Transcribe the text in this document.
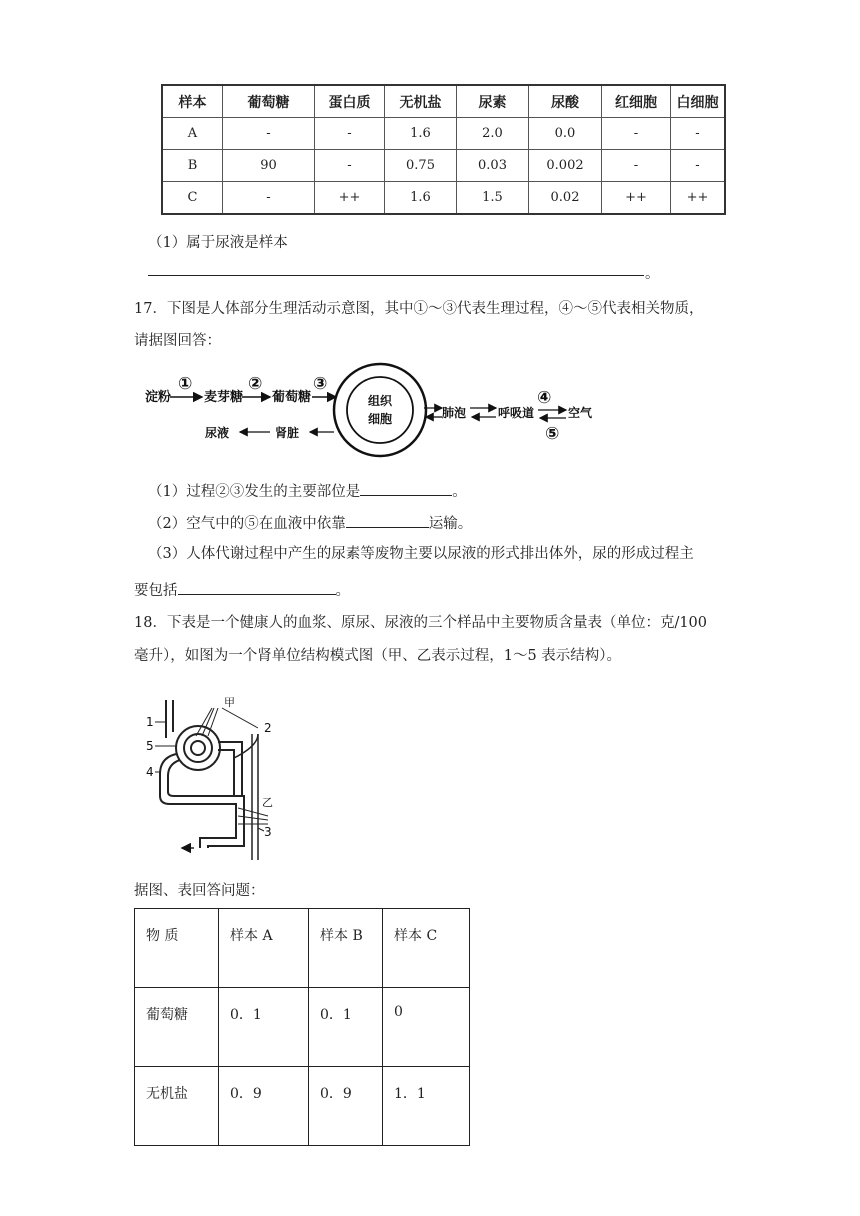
样本	葡萄糖	蛋白质	无机盐	尿素	尿酸	红细胞	白细胞
A	-	-	1.6	2.0	0.0	-	-
B	90	-	0.75	0.03	0.002	-	-
C	-	++	1.6	1.5	0.02	++	++
（1）属于尿液是样本
。
17．下图是人体部分生理活动示意图，其中①～③代表生理过程，④～⑤代表相关物质，
请据图回答：
淀粉
①
麦芽糖
②
葡萄糖
③
组织
细胞	肺泡	呼吸道
④
空气
⑤
肾脏
尿液
（1）过程②③发生的主要部位是	。
（2）空气中的⑤在血液中依靠	运输。
（3）人体代谢过程中产生的尿素等废物主要以尿液的形式排出体外，尿的形成过程主
要包括	。
18．下表是一个健康人的血浆、原尿、尿液的三个样品中主要物质含量表（单位：克/100
毫升），如图为一个肾单位结构模式图（甲、乙表示过程，1～5 表示结构）。
1
5
4
2
3
甲
乙
据图、表回答问题：
物 质	样本 A	样本 B	样本 C
葡萄糖	0．1	0．1	0
无机盐	0．9	0．9	1．1
